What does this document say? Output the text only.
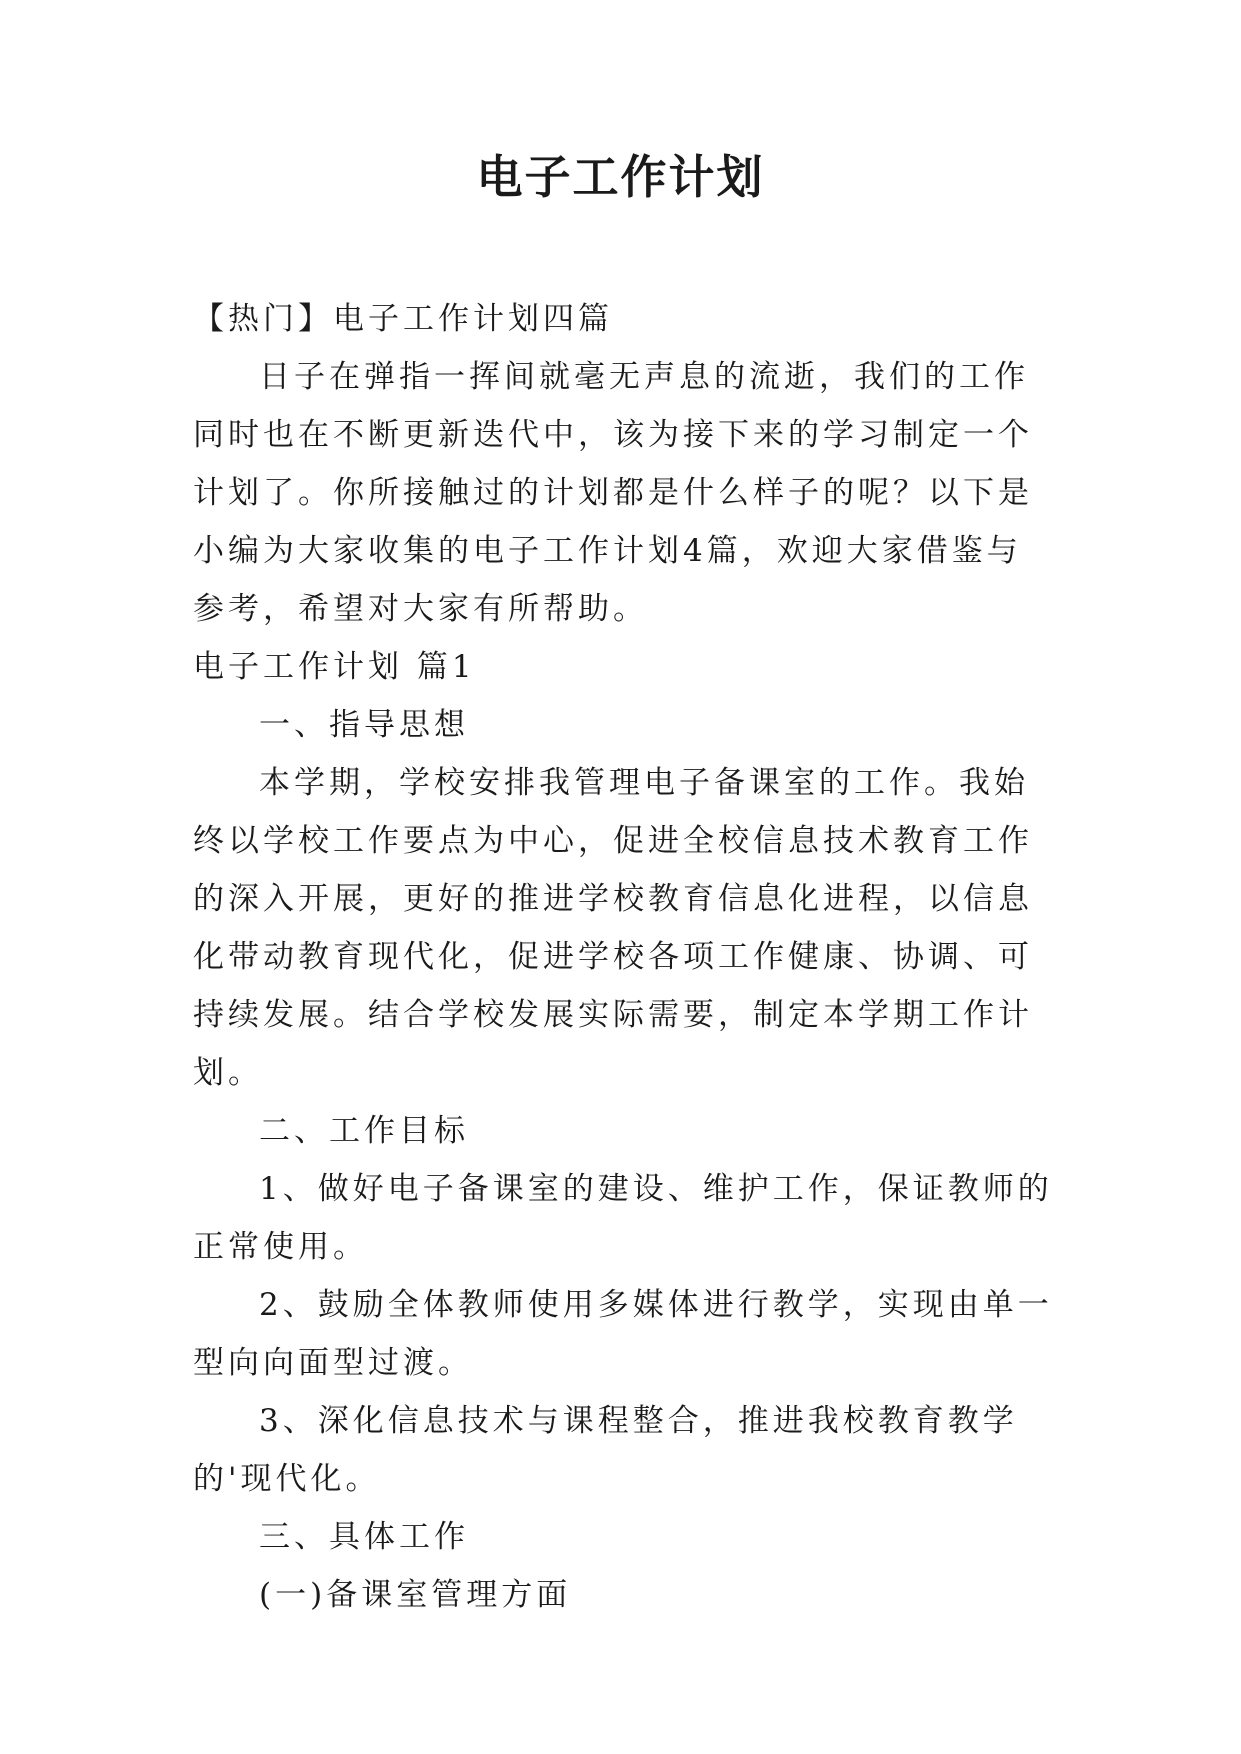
电子工作计划

【热门】电子工作计划四篇

日子在弹指一挥间就毫无声息的流逝，我们的工作同时也在不断更新迭代中，该为接下来的学习制定一个计划了。你所接触过的计划都是什么样子的呢？以下是小编为大家收集的电子工作计划4篇，欢迎大家借鉴与参考，希望对大家有所帮助。

电子工作计划 篇1

一、指导思想

本学期，学校安排我管理电子备课室的工作。我始终以学校工作要点为中心，促进全校信息技术教育工作的深入开展，更好的推进学校教育信息化进程，以信息化带动教育现代化，促进学校各项工作健康、协调、可持续发展。结合学校发展实际需要，制定本学期工作计划。

二、工作目标

1、做好电子备课室的建设、维护工作，保证教师的正常使用。

2、鼓励全体教师使用多媒体进行教学，实现由单一型向向面型过渡。

3、深化信息技术与课程整合，推进我校教育教学的'现代化。

三、具体工作

(一)备课室管理方面
